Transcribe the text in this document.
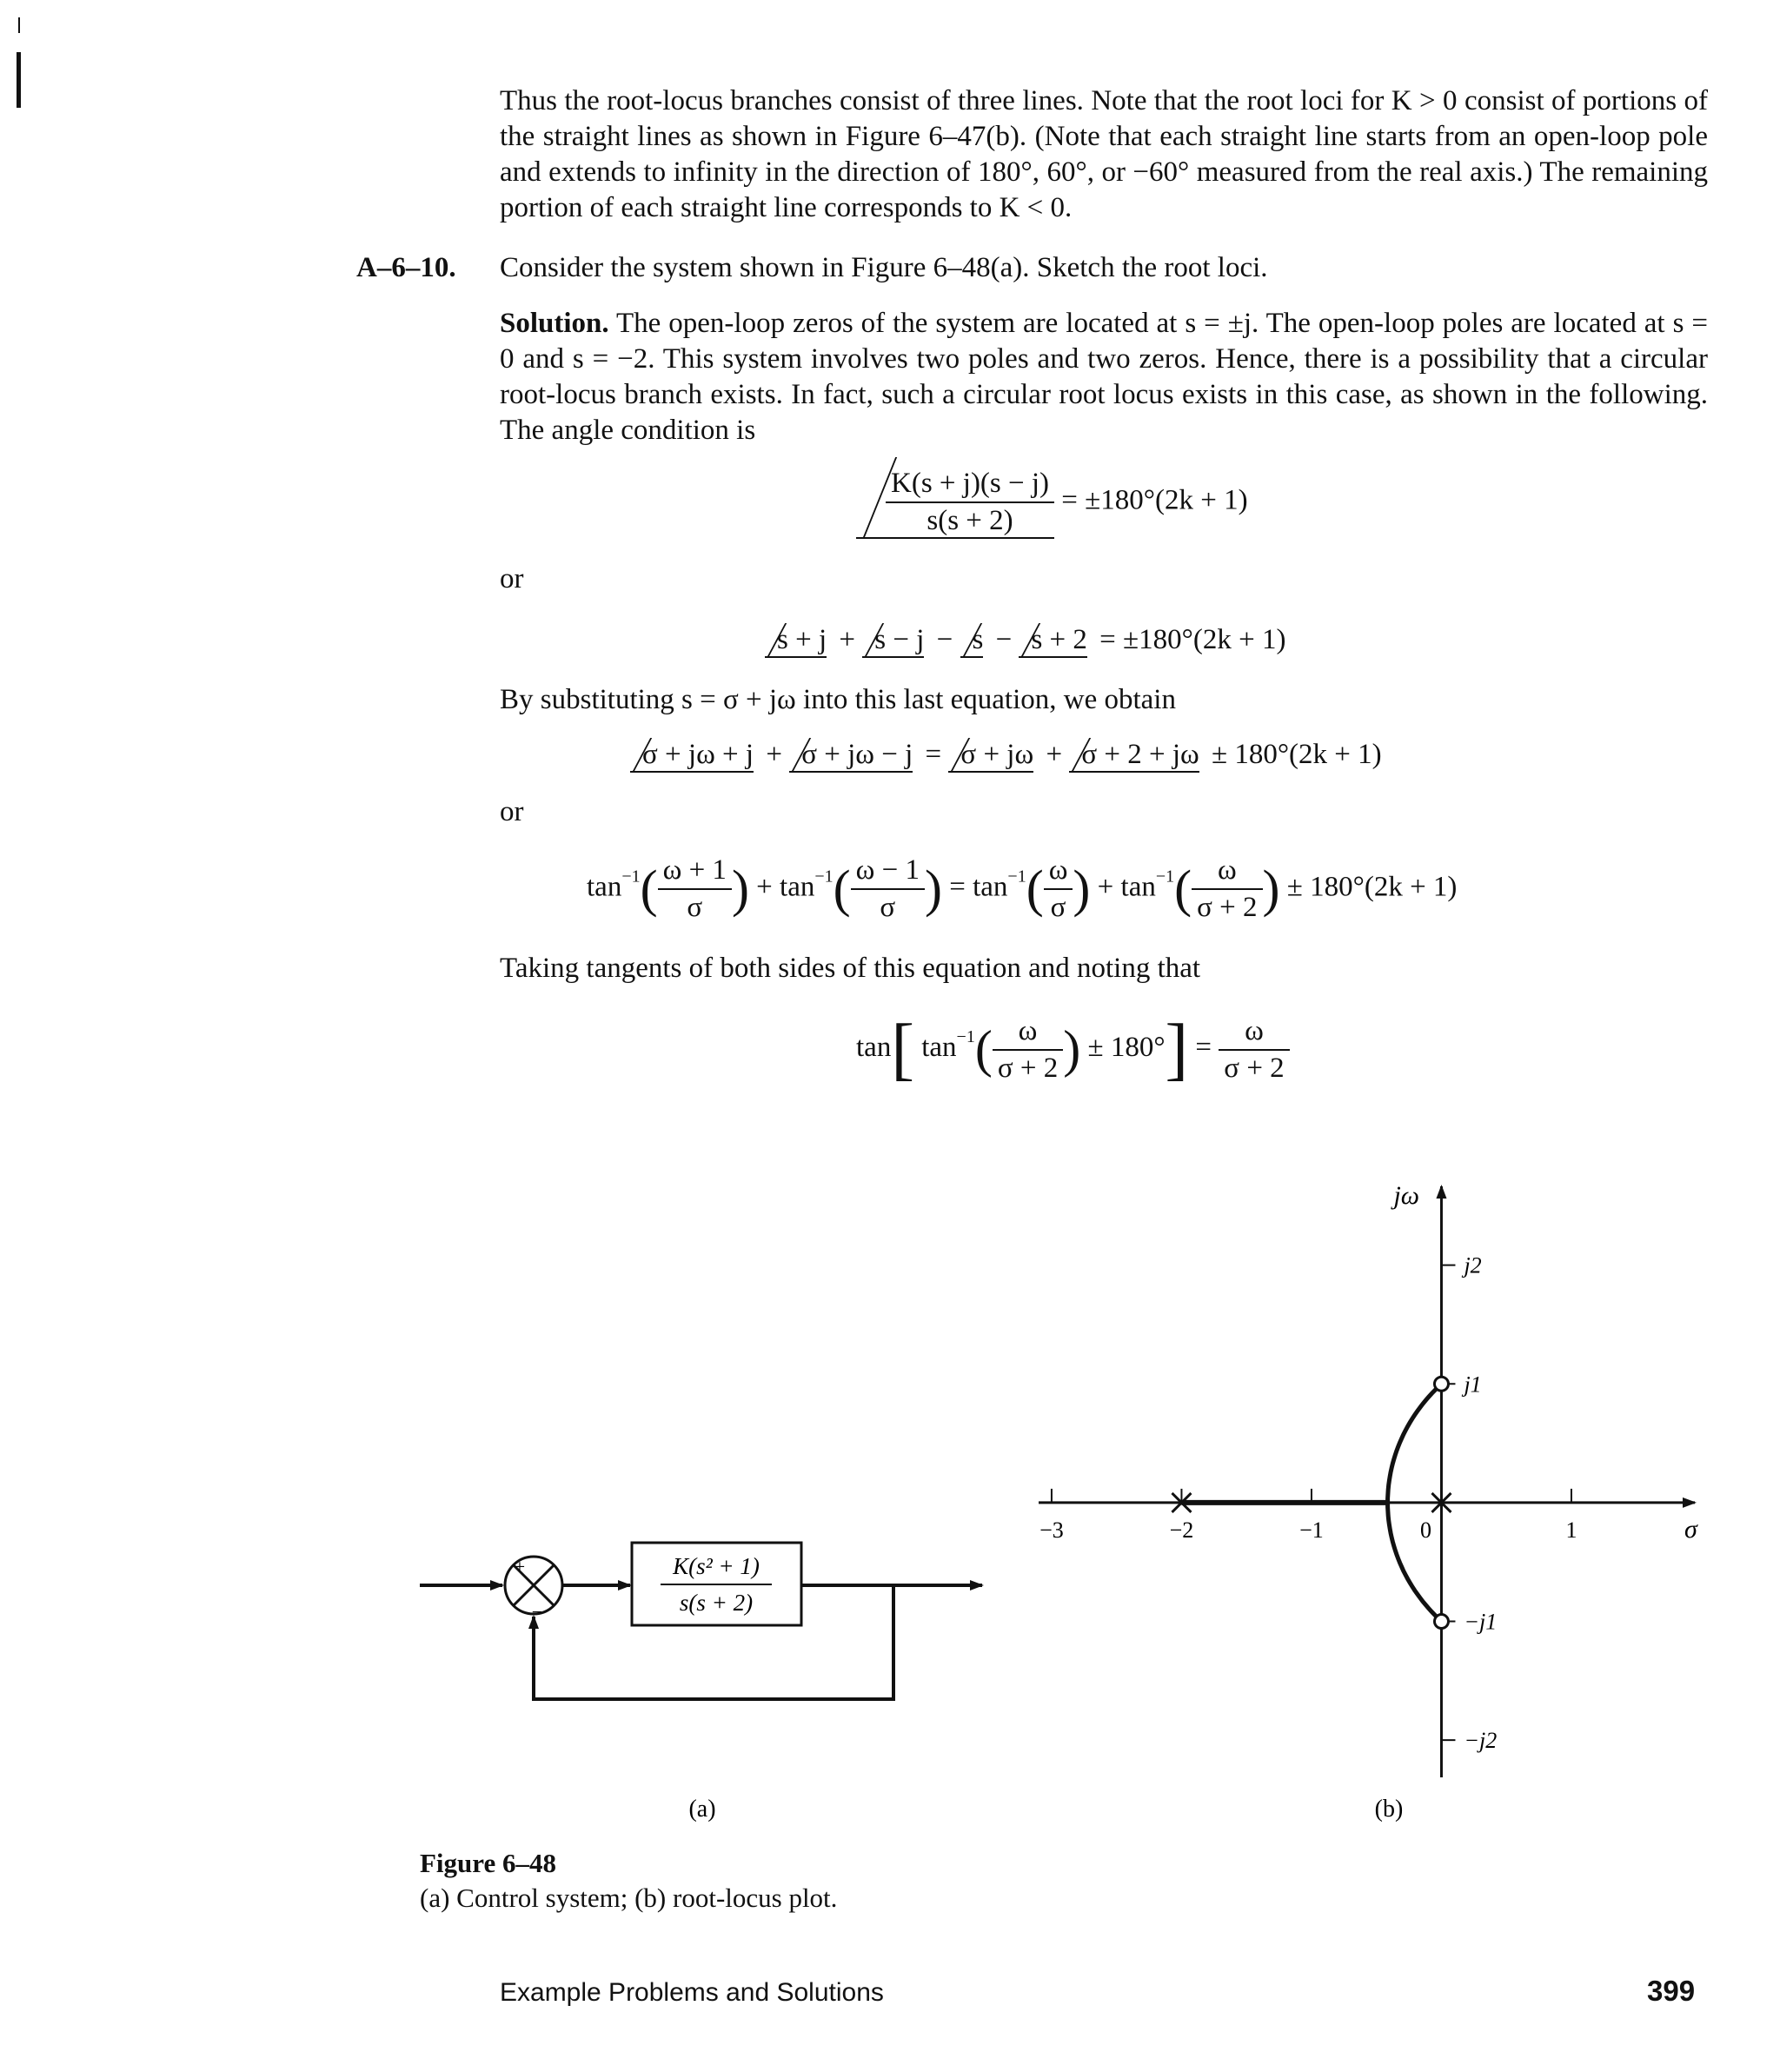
Thus the root-locus branches consist of three lines. Note that the root loci for K > 0 consist of portions of the straight lines as shown in Figure 6–47(b). (Note that each straight line starts from an open-loop pole and extends to infinity in the direction of 180°, 60°, or −60° measured from the real axis.) The remaining portion of each straight line corresponds to K < 0.

A–6–10. Consider the system shown in Figure 6–48(a). Sketch the root loci.

Solution. The open-loop zeros of the system are located at s = ±j. The open-loop poles are located at s = 0 and s = −2. This system involves two poles and two zeros. Hence, there is a possibility that a circular root-locus branch exists. In fact, such a circular root locus exists in this case, as shown in the following. The angle condition is

$\frac{K(s + j)(s - j)}{s(s + 2)} = \pm 180^\circ(2k + 1)$
or
s + j + s − j − s − s + 2 = ±180°(2k + 1)
By substituting s = σ + jω into this last equation, we obtain
σ + jω + j + σ + jω − j = σ + jω + σ + 2 + jω ± 180°(2k + 1)
or
$\tan^{-1}( \frac{\omega + 1}{\sigma}$ ) + $\tan^{-1}( \frac{\omega - 1}{\sigma}$ ) = $\tan^{-1}( \frac{\omega}{\sigma}$ ) + $\tan^{-1}( \frac{\omega}{\sigma + 2}$ ) ± 180°(2k + 1)
Taking tangents of both sides of this equation and noting that
tan[ $\tan^{-1}( \frac{\omega}{\sigma + 2}$ ) ± $180^\circ] = \frac{\omega}{\sigma + 2}$
+
−
K(s² + 1)
s(s + 2)
(a)
σ
jω
−3	−2	−1	0	1
j2
j1
−j1
−j2
(b)
Figure 6–48
(a) Control system; (b) root-locus plot.
Example Problems and Solutions	399
